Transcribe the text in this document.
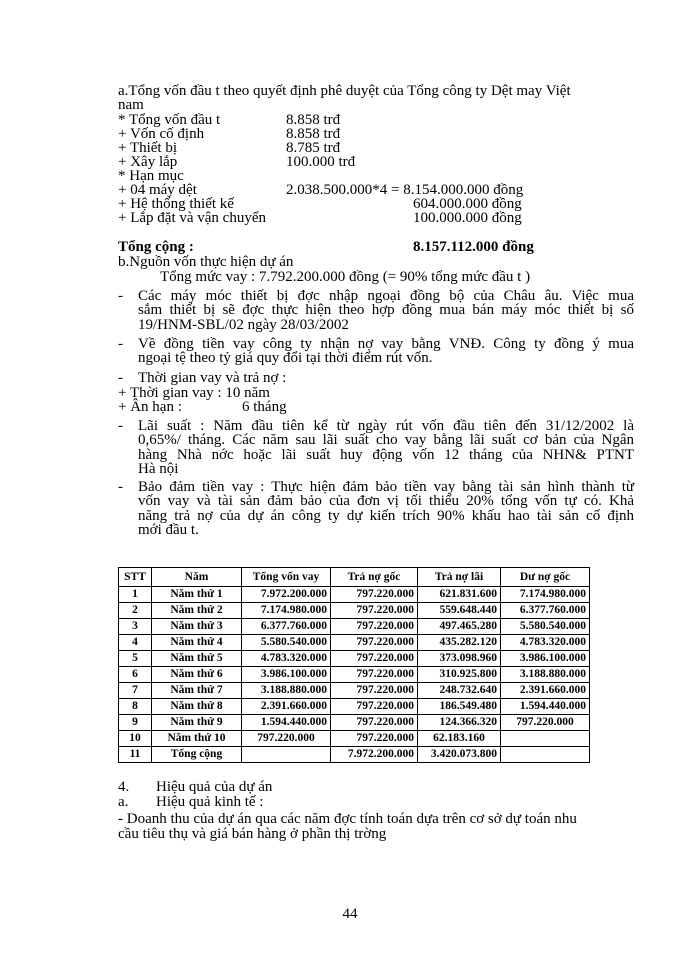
a.Tổng vốn đầu t theo quyết định phê duyệt của Tổng công ty Dệt may Việt
nam
* Tổng vốn đầu t	8.858 trđ
+ Vốn cố định	8.858 trđ
+ Thiết bị	8.785 trđ
+ Xây lắp	100.000 trđ
* Hạn mục
+ 04 máy dệt	2.038.500.000*4 = 8.154.000.000 đồng
+ Hệ thống thiết kế	604.000.000 đồng
+ Lắp đặt và vận chuyển	100.000.000 đồng
Tổng cộng :	8.157.112.000 đồng
b.Nguồn vốn thực hiện dự án
Tổng mức vay : 7.792.200.000 đồng (= 90% tổng mức đầu t )
- Các máy móc thiết bị đợc nhập ngoại đồng bộ của Châu âu. Việc mua
sắm thiết bị sẽ đợc thực hiện theo hợp đồng mua bán máy móc thiết bị số
19/HNM-SBL/02 ngày 28/03/2002
- Về đồng tiền vay công ty nhận nợ vay bằng VNĐ. Công ty đồng ý mua
ngoại tệ theo tỷ giá quy đổi tại thời điểm rút vốn.
- Thời gian vay và trả nợ :
+ Thời gian vay : 10 năm
+ Ân hạn :	6 tháng
- Lãi suất : Năm đầu tiên kể từ ngày rút vốn đầu tiên đến 31/12/2002 là
0,65%/ tháng. Các năm sau lãi suất cho vay bằng lãi suất cơ bản của Ngân
hàng Nhà nớc hoặc lãi suất huy động vốn 12 tháng của NHN& PTNT
Hà nội
- Bảo đảm tiền vay : Thực hiện đảm bảo tiền vay bằng tài sản hình thành từ
vốn vay và tài sản đảm bảo của đơn vị tối thiểu 20% tổng vốn tự có. Khả
năng trả nợ của dự án công ty dự kiến trích 90% khấu hao tài sản cố định
mới đầu t.
STT	Năm	Tổng vốn vay	Trả nợ gốc	Trả nợ lãi	Dư nợ gốc
1	Năm thứ 1	7.972.200.000	797.220.000	621.831.600	7.174.980.000
2	Năm thứ 2	7.174.980.000	797.220.000	559.648.440	6.377.760.000
3	Năm thứ 3	6.377.760.000	797.220.000	497.465.280	5.580.540.000
4	Năm thứ 4	5.580.540.000	797.220.000	435.282.120	4.783.320.000
5	Năm thứ 5	4.783.320.000	797.220.000	373.098.960	3.986.100.000
6	Năm thứ 6	3.986.100.000	797.220.000	310.925.800	3.188.880.000
7	Năm thứ 7	3.188.880.000	797.220.000	248.732.640	2.391.660.000
8	Năm thứ 8	2.391.660.000	797.220.000	186.549.480	1.594.440.000
9	Năm thứ 9	1.594.440.000	797.220.000	124.366.320	797.220.000
10	Năm thứ 10	797.220.000	797.220.000	62.183.160	
11	Tổng cộng		7.972.200.000	3.420.073.800	
4. Hiệu quả của dự án
a. Hiệu quả kinh tế :
- Doanh thu của dự án qua các năm đợc tính toán dựa trên cơ sở dự toán nhu
cầu tiêu thụ và giá bán hàng ở phần thị trờng
44
